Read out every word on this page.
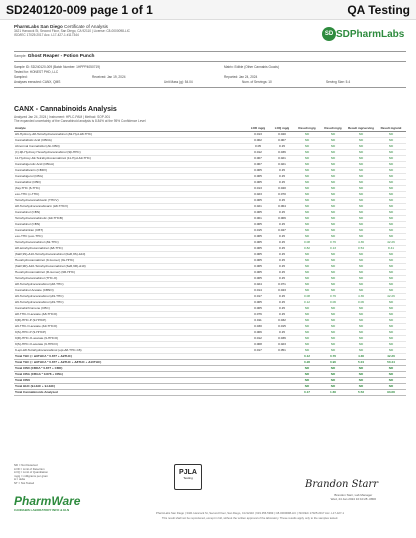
SD240120-009 page 1 of 1	QA Testing
PharmLabs San Diego Certificate of Analysis
3421 Hancock St, Second Floor, San Diego, CA 92110 | License: C8-0000098-LIC
ISO/IEC 17025:2017 Acc. L17-427-1 #117344	SD SDPharmLabs
Sample: Ghost Reaper - Potion Punch
Sample ID: SD240120-009 (Batch Number: 1HPPP4050719)	Matrix: Edible (Other Cannabis Goods)
Tested for: HONEST PHD, LLC
Sampled:	Received: Jan 19, 2024	Reported: Jan 24, 2024
Analyses executed: CANX, QMS	Unit Mass (g): 54.04	Num. of Servings: 10	Serving Size: 5.4
CANX - Cannabinoids Analysis
Analyzed Jan 24, 2024 | Instrument: HPLC-PAM | Method: SOP-001
The expanded uncertainty of the Cannabinoid analysis is 8.84% at the 95% Confidence Level
Analyte	LOD mg/g	LOQ mg/g	Result mg/g	Result mg/g	Result mg/serving	Result mg/unit
Δ9-Hydroxy-Δ8-Tetrahydrocannabinol (Δ9-Hyd-Δ8-THC)	0.013	0.040	ND	ND	ND	ND
Cannabidiolic Acid (CBDA)	0.002	0.007	ND	ND	ND	ND
Abnormal Cannabidiol (Ab-CBD)	0.05	0.15	ND	ND	ND	ND
(±)-9β-Hydroxy Hexahydrocannabinol (9β-HHC)	0.012	0.036	ND	ND	ND	ND
11-Hydroxy-Δ9-Tetrahydrocannabinol (11-Hyd-Δ9-THC)	0.007	0.021	ND	ND	ND	ND
Cannabigerolic Acid (CBGA)	0.007	0.021	ND	ND	ND	ND
Cannabidivarin (CBDV)	0.005	0.15	ND	ND	ND	ND
Cannabigerol (CBG)	0.005	0.15	ND	ND	ND	ND
Cannabidiol (CBD)	0.005	0.15	ND	ND	ND	ND
(6a)-THC (6-THC)	0.013	0.040	ND	ND	ND	ND
exo-THC (x-THC)	0.023	0.070	ND	ND	ND	ND
Tetrahydrocannabivarin (THCV)	0.005	0.15	ND	ND	ND	ND
Δ8-Tetrahydrocannabivarin (Δ8-THCV)	0.021	0.064	ND	ND	ND	ND
Cannabinol (CBN)	0.005	0.15	ND	ND	ND	ND
Tetrahydrocannabinolic (Δ9-THCB)	0.001	0.006	ND	ND	ND	ND
Cannabinol (CBN)	0.005	0.15	ND	ND	ND	ND
Cannabicitran (CBT)	0.015	0.047	ND	ND	ND	ND
exo-THC (exo-THC)	0.005	0.15	ND	ND	ND	ND
Tetrahydrocannabinol (Δ9-THC)	0.005	0.15	0.08	0.76	4.36	42.26
Δ8-tetrahydrocannabinol (Δ8-THC)	0.005	0.15	0.82	0.13	0.54	8.41
(6aR,9S)-Δ10-Tetrahydrocannabinol (6aR,9S)-Δ10)	0.005	0.15	ND	ND	ND	ND
Hexahydrocannabinol (9-Isomer) (9s-HHC)	0.005	0.15	ND	ND	ND	ND
(6aR,9R)-Δ10-Tetrahydrocannabinol (6aR,9R)-Δ10)	0.005	0.15	ND	ND	ND	ND
Hexahydrocannabinol (R-isomer) (9R-HHC)	0.005	0.15	ND	ND	ND	ND
Tetrahydrocannabinol (THC-O)	0.005	0.15	ND	ND	ND	ND
Δ8-Tetrahydrocannabinol (Δ8-THC)	0.024	0.071	ND	ND	ND	ND
Cannabinol Acetate (CBNO)	0.014	0.043	ND	ND	ND	ND
Δ9-Tetrahydrocannabinol (Δ9-THC)	0.017	0.15	0.08	0.76	4.36	42.26
Δ9-Tetrahydrocannabinol (Δ9-THC)	0.005	0.15	0.12	0.06	0.06	ND
Cannabichromene (CBC)	0.005	0.15	ND	ND	ND	ND
Δ8-THC-O-acetate (Δ8-THCO)	0.076	0.15	ND	ND	ND	ND
9(R)-HHC-P (9-HHCP)	0.011	0.032	ND	ND	ND	ND
Δ9-THC-O-acetate (Δ9-THCO)	0.030	0.015	ND	ND	ND	ND
9(S)-HHC-P (9-HHCP)	0.006	0.15	ND	ND	ND	ND
9(R)-HHC-O-acetate (9-HHCO)	0.012	0.036	ND	ND	ND	ND
9(S)-HHC-O-acetate (9-HHCO)	0.008	0.023	ND	ND	ND	ND
9-epi-Δ8-Tetrahydrocannabinol (epi-Δ8-THC-C8)	0.017	0.051	ND	ND	ND	ND
Total THC (= Δ9THCA * 0.877 + Δ9THC)			0.12	0.76	4.36	42.26
Total THC (= Δ9THCA * 0.877 + Δ9THC + Δ8THC + Δ10THC)			0.28	0.90	5.04	50.44
Total CBD (CBDA * 0.877 + CBD)			ND	ND	ND	ND
Total CBG (CBGA * 0.878 + CBG)			ND	ND	ND	ND
Total CBN			ND	ND	ND	ND
Total HHC (9-HHC + 9-HHC)			ND	ND	ND	ND
Total Cannabinoids Analyzed			0.17	1.66	5.53	93.68
ND = Not Detected
LOD = Limit of Detection
LOQ = Limit of Quantitation
mg/g = milligrams per gram
Δ = delta
NT = Not Tested
PharmWare
CANNABIS LABORATORY INFO & ELN
PJLA
Testing
Brandon Starr
Brandon Starr, Lab Manager
Wed, 24 Jan 2024 10:10:28 -0800
PharmLabs San Diego | 3421 Hancock St, Second Floor, San Diego, CA 92110 | 619.356.5999 | C8-0000098-LIC | ISO/IEC 17025:2017 Acc. L17-427-1
This result shall not be reproduced, except in full, without the written approval of the laboratory. These results apply only to the samples tested.
